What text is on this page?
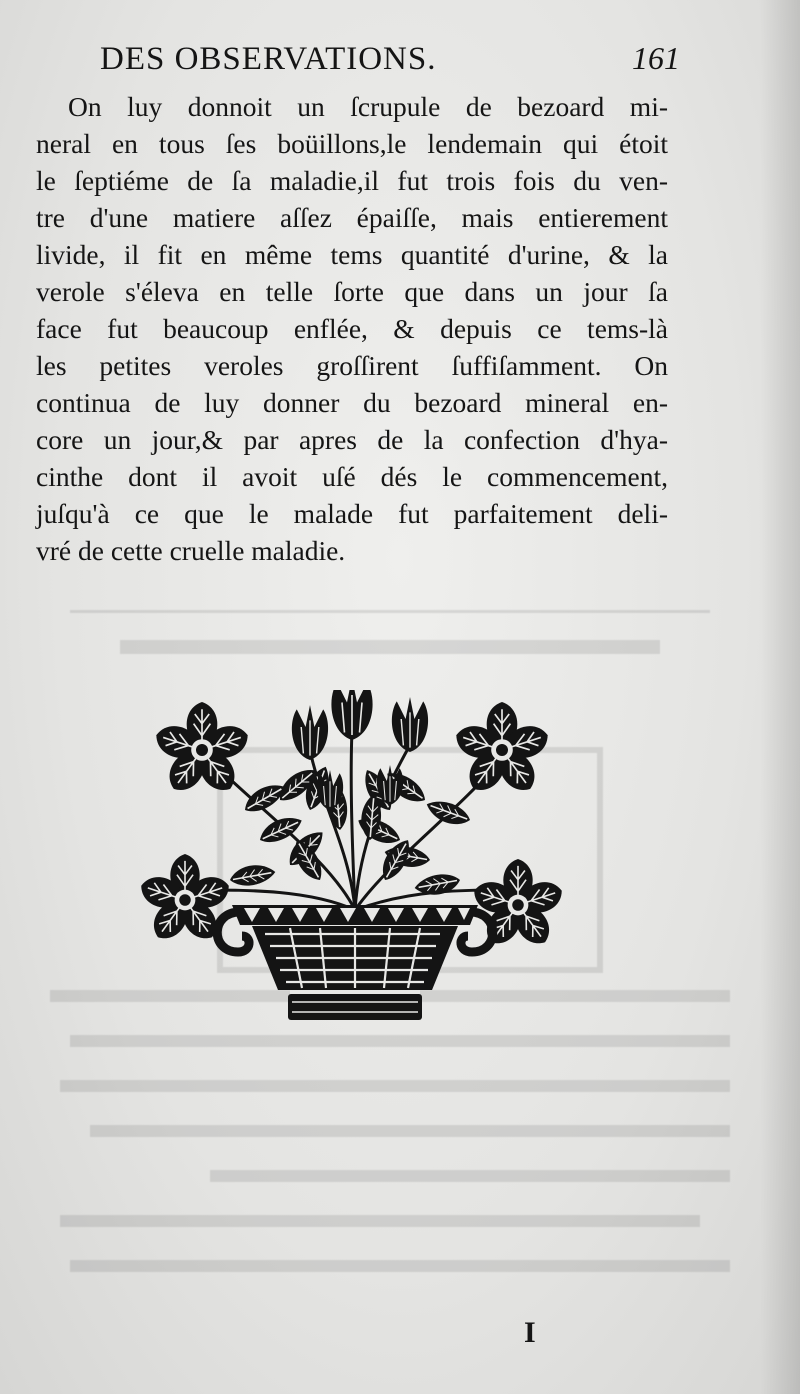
DES OBSERVATIONS.	161
On luy donnoit un ſcrupule de bezoard mi-
neral en tous ſes boüillons,le lendemain qui étoit
le ſeptiéme de ſa maladie,il fut trois fois du ven-
tre d'une matiere aſſez épaiſſe, mais entierement
livide, il fit en même tems quantité d'urine, & la
verole s'éleva en telle ſorte que dans un jour ſa
face fut beaucoup enflée, & depuis ce tems-là
les petites veroles groſſirent ſuffiſamment. On
continua de luy donner du bezoard mineral en-
core un jour,& par apres de la confection d'hya-
cinthe dont il avoit uſé dés le commencement,
juſqu'à ce que le malade fut parfaitement deli-
vré de cette cruelle maladie.
I
